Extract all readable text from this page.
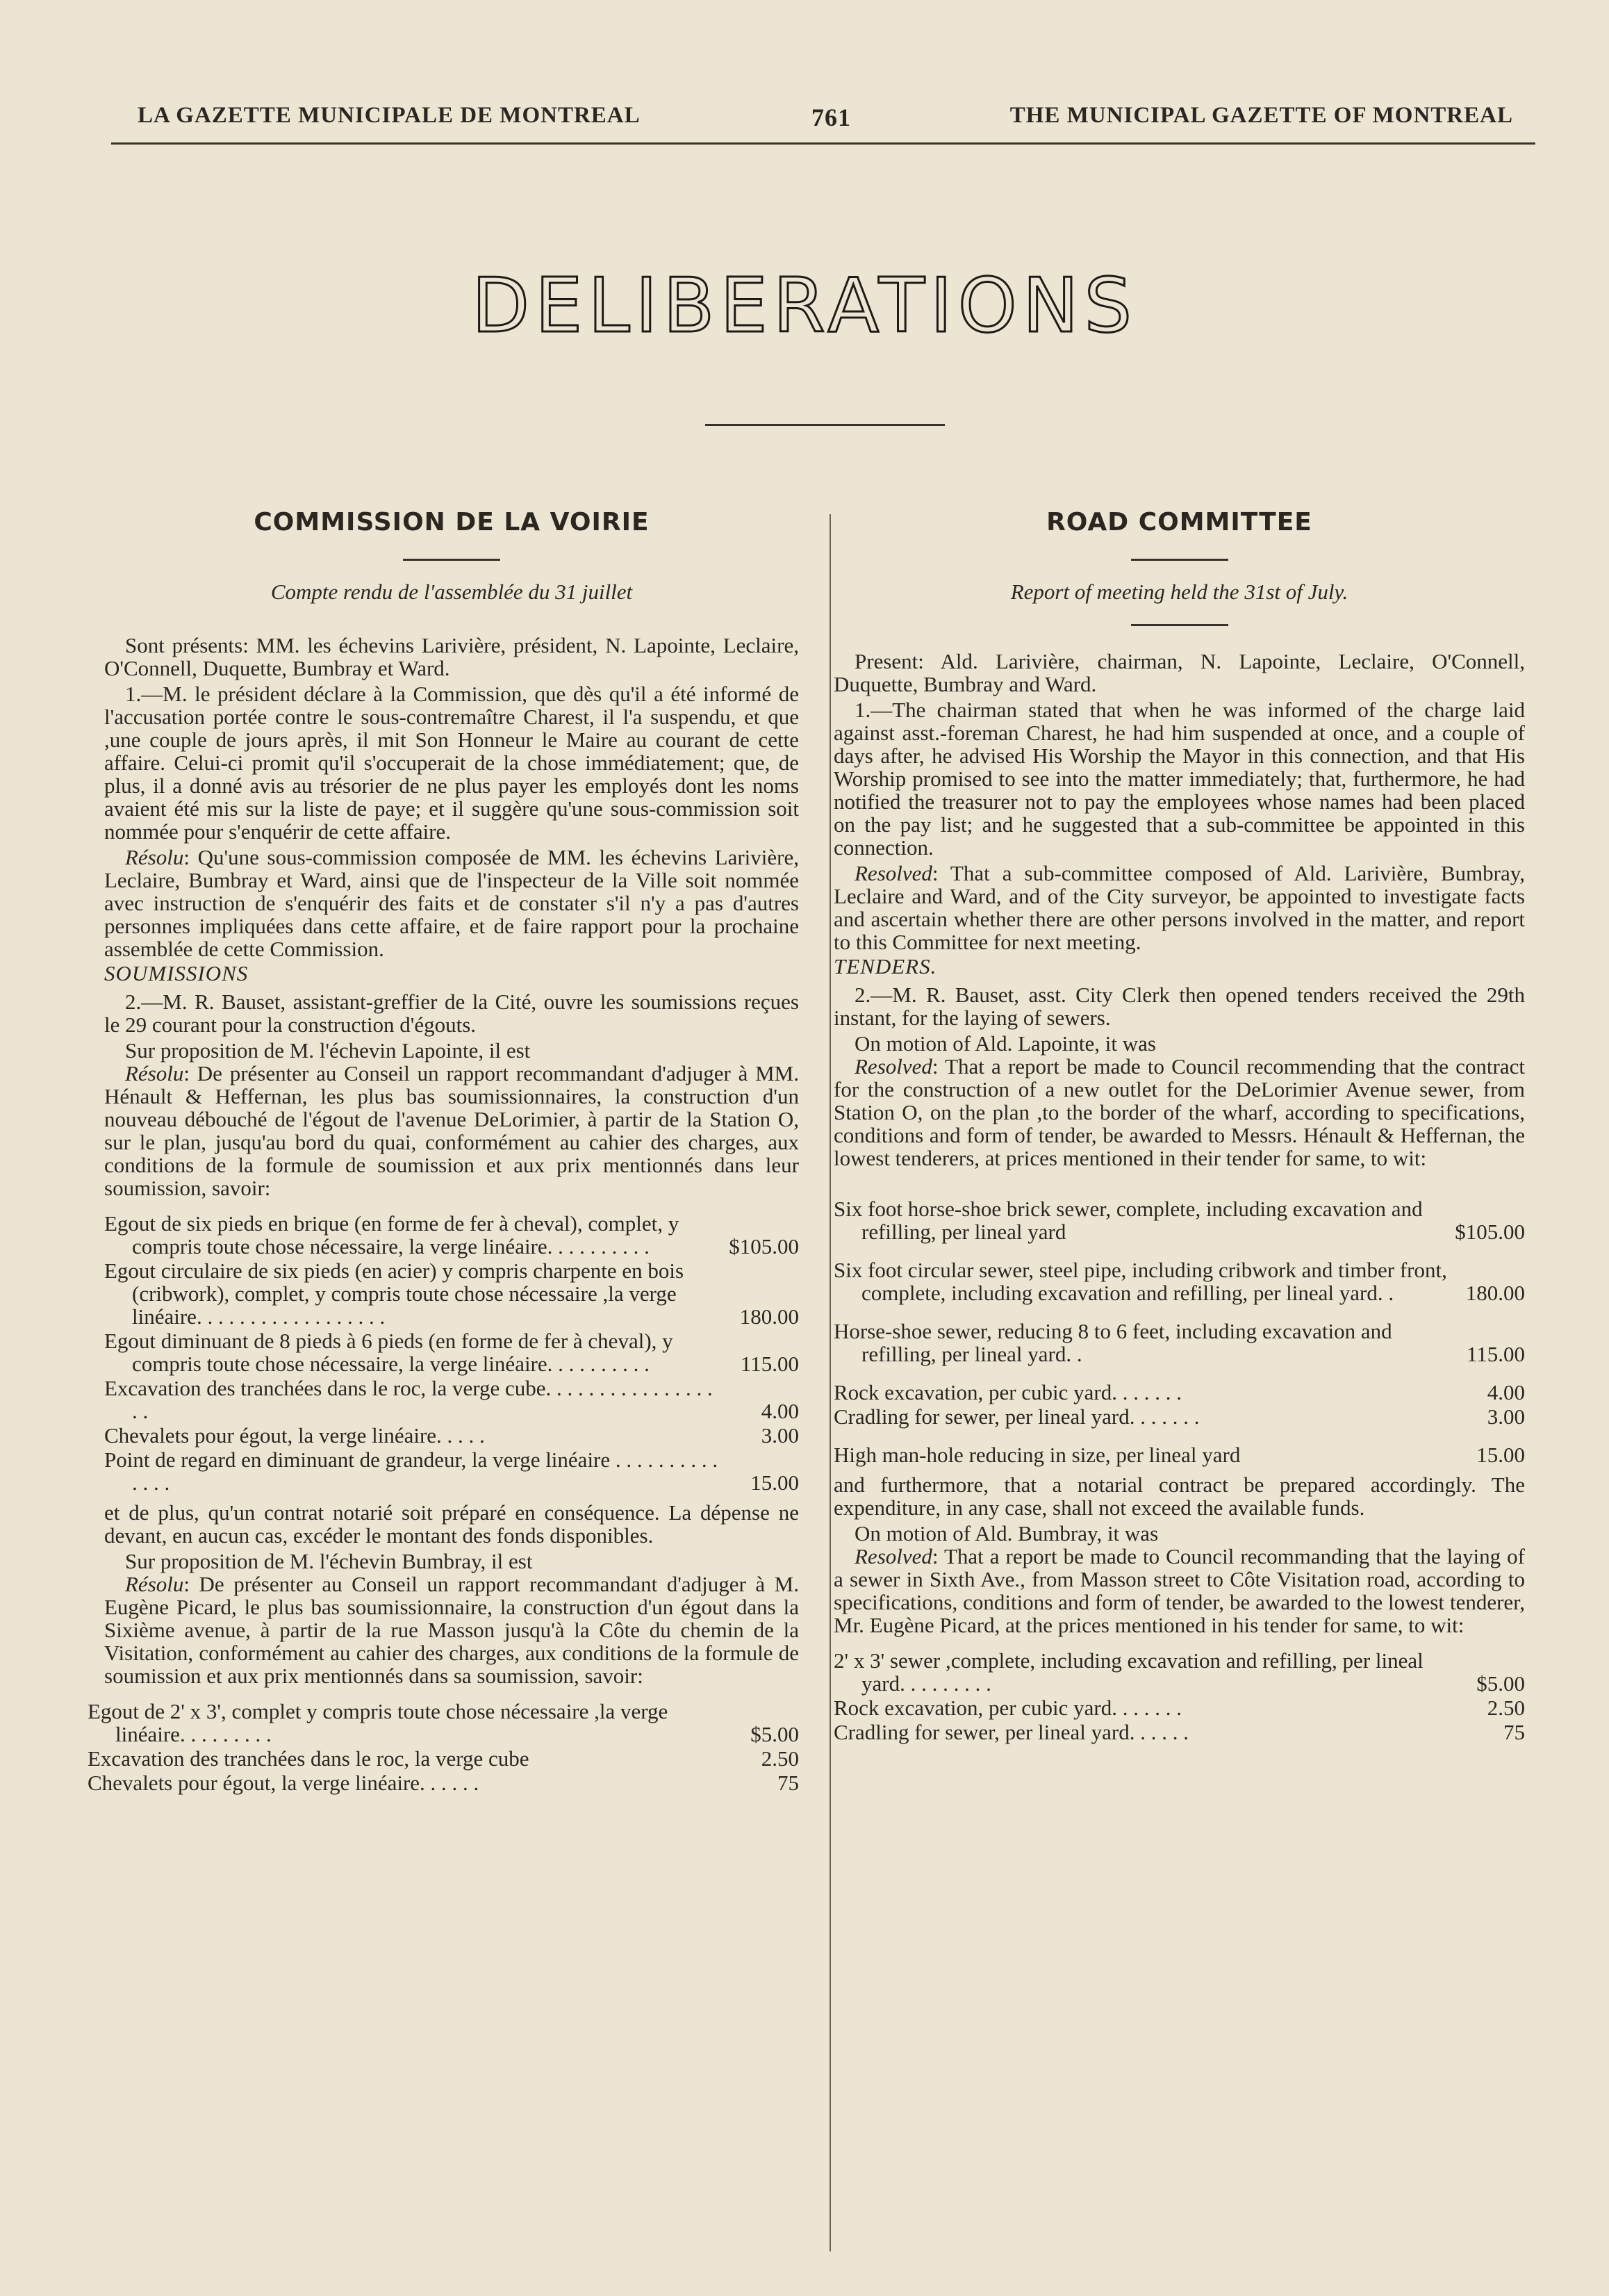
LA GAZETTE MUNICIPALE DE MONTREAL	761	THE MUNICIPAL GAZETTE OF MONTREAL
DELIBERATIONS
COMMISSION DE LA VOIRIE
Compte rendu de l'assemblée du 31 juillet

Sont présents: MM. les échevins Larivière, président, N. Lapointe, Leclaire, O'Connell, Duquette, Bumbray et Ward.

1.—M. le président déclare à la Commission, que dès qu'il a été informé de l'accusation portée contre le sous-contremaître Charest, il l'a suspendu, et que ,une couple de jours après, il mit Son Honneur le Maire au courant de cette affaire. Celui-ci promit qu'il s'occuperait de la chose immédiatement; que, de plus, il a donné avis au trésorier de ne plus payer les employés dont les noms avaient été mis sur la liste de paye; et il suggère qu'une sous-commission soit nommée pour s'enquérir de cette affaire.

Résolu: Qu'une sous-commission composée de MM. les échevins Larivière, Leclaire, Bumbray et Ward, ainsi que de l'inspecteur de la Ville soit nommée avec instruction de s'enquérir des faits et de constater s'il n'y a pas d'autres personnes impliquées dans cette affaire, et de faire rapport pour la prochaine assemblée de cette Commission.

SOUMISSIONS

2.—M. R. Bauset, assistant-greffier de la Cité, ouvre les soumissions reçues le 29 courant pour la construction d'égouts.

Sur proposition de M. l'échevin Lapointe, il est

Résolu: De présenter au Conseil un rapport recommandant d'adjuger à MM. Hénault & Heffernan, les plus bas soumissionnaires, la construction d'un nouveau débouché de l'égout de l'avenue DeLorimier, à partir de la Station O, sur le plan, jusqu'au bord du quai, conformément au cahier des charges, aux conditions de la formule de soumission et aux prix mentionnés dans leur soumission, savoir:

Egout de six pieds en brique (en forme de fer à cheval), complet, y compris toute chose nécessaire, la verge linéaire. . . . . . . . . .	$105.00
Egout circulaire de six pieds (en acier) y compris charpente en bois (cribwork), complet, y compris toute chose nécessaire ,la verge linéaire. . . . . . . . . . . . . . . . . .	180.00
Egout diminuant de 8 pieds à 6 pieds (en forme de fer à cheval), y compris toute chose nécessaire, la verge linéaire. . . . . . . . . .	115.00
Excavation des tranchées dans le roc, la verge cube. . . . . . . . . . . . . . . . . .	4.00
Chevalets pour égout, la verge linéaire. . . . .	3.00
Point de regard en diminuant de grandeur, la verge linéaire . . . . . . . . . . . . . .	15.00

et de plus, qu'un contrat notarié soit préparé en conséquence. La dépense ne devant, en aucun cas, excéder le montant des fonds disponibles.

Sur proposition de M. l'échevin Bumbray, il est

Résolu: De présenter au Conseil un rapport recommandant d'adjuger à M. Eugène Picard, le plus bas soumissionnaire, la construction d'un égout dans la Sixième avenue, à partir de la rue Masson jusqu'à la Côte du chemin de la Visitation, conformément au cahier des charges, aux conditions de la formule de soumission et aux prix mentionnés dans sa soumission, savoir:

Egout de 2' x 3', complet y compris toute chose nécessaire ,la verge linéaire. . . . . . . . .	$5.00
Excavation des tranchées dans le roc, la verge cube	2.50
Chevalets pour égout, la verge linéaire. . . . . .	75
ROAD COMMITTEE
Report of meeting held the 31st of July.

Present: Ald. Larivière, chairman, N. Lapointe, Leclaire, O'Connell, Duquette, Bumbray and Ward.

1.—The chairman stated that when he was informed of the charge laid against asst.-foreman Charest, he had him suspended at once, and a couple of days after, he advised His Worship the Mayor in this connection, and that His Worship promised to see into the matter immediately; that, furthermore, he had notified the treasurer not to pay the employees whose names had been placed on the pay list; and he suggested that a sub-committee be appointed in this connection.

Resolved: That a sub-committee composed of Ald. Larivière, Bumbray, Leclaire and Ward, and of the City surveyor, be appointed to investigate facts and ascertain whether there are other persons involved in the matter, and report to this Committee for next meeting.

TENDERS.

2.—M. R. Bauset, asst. City Clerk then opened tenders received the 29th instant, for the laying of sewers.

On motion of Ald. Lapointe, it was

Resolved: That a report be made to Council recommending that the contract for the construction of a new outlet for the DeLorimier Avenue sewer, from Station O, on the plan ,to the border of the wharf, according to specifications, conditions and form of tender, be awarded to Messrs. Hénault & Heffernan, the lowest tenderers, at prices mentioned in their tender for same, to wit:

Six foot horse-shoe brick sewer, complete, including excavation and refilling, per lineal yard	$105.00
Six foot circular sewer, steel pipe, including cribwork and timber front, complete, including excavation and refilling, per lineal yard. .	180.00
Horse-shoe sewer, reducing 8 to 6 feet, including excavation and refilling, per lineal yard. .	115.00
Rock excavation, per cubic yard. . . . . . .	4.00
Cradling for sewer, per lineal yard. . . . . . .	3.00
High man-hole reducing in size, per lineal yard	15.00

and furthermore, that a notarial contract be prepared accordingly. The expenditure, in any case, shall not exceed the available funds.

On motion of Ald. Bumbray, it was

Resolved: That a report be made to Council recommanding that the laying of a sewer in Sixth Ave., from Masson street to Côte Visitation road, according to specifications, conditions and form of tender, be awarded to the lowest tenderer, Mr. Eugène Picard, at the prices mentioned in his tender for same, to wit:

2' x 3' sewer ,complete, including excavation and refilling, per lineal yard. . . . . . . . .	$5.00
Rock excavation, per cubic yard. . . . . . .	2.50
Cradling for sewer, per lineal yard. . . . . .	75
